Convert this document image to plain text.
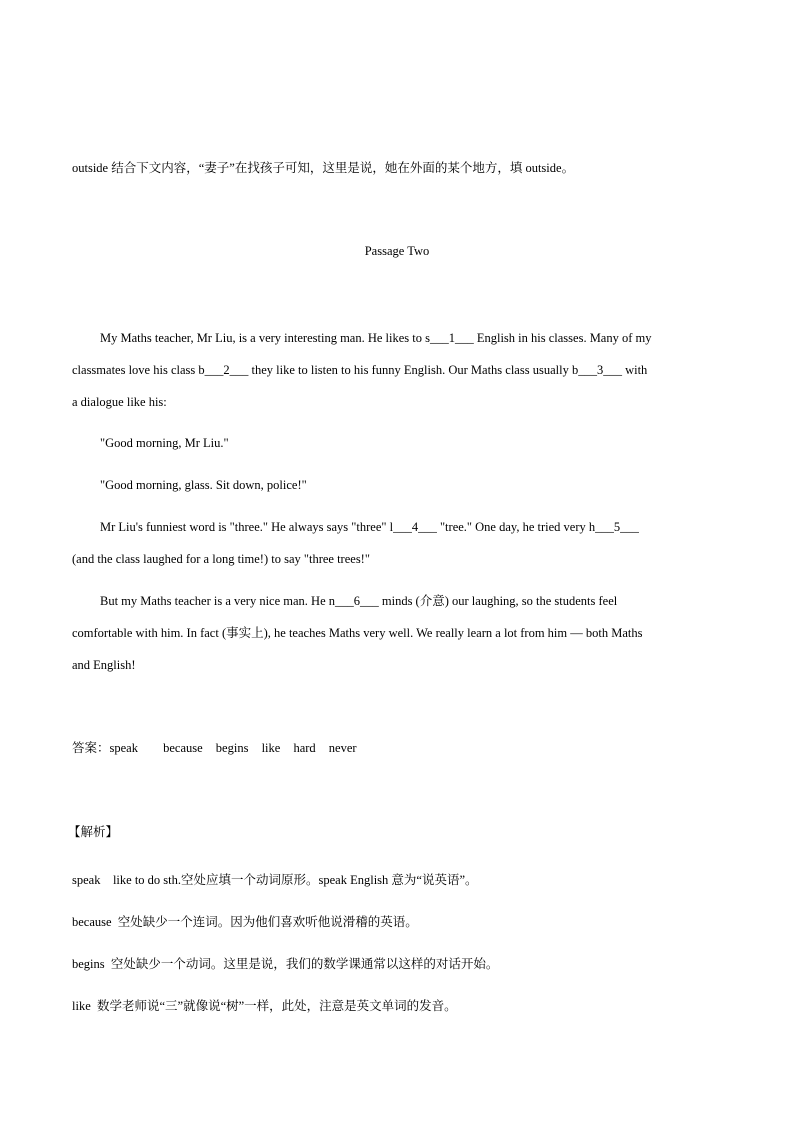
outside 结合下文内容，“妻子”在找孩子可知，这里是说，她在外面的某个地方，填 outside。
Passage Two
My Maths teacher, Mr Liu, is a very interesting man. He likes to s___1___ English in his classes. Many of my
classmates love his class b___2___ they like to listen to his funny English. Our Maths class usually b___3___ with
a dialogue like his:
"Good morning, Mr Liu."
"Good morning, glass. Sit down, police!"
Mr Liu's funniest word is "three." He always says "three" l___4___ "tree." One day, he tried very h___5___
(and the class laughed for a long time!) to say "three trees!"
But my Maths teacher is a very nice man. He n___6___ minds (介意) our laughing, so the students feel
comfortable with him. In fact (事实上), he teaches Maths very well. We really learn a lot from him — both Maths
and English!
答案：speak because begins like hard never
【解析】
speak    like to do sth.空处应填一个动词原形。speak English 意为“说英语”。
because  空处缺少一个连词。因为他们喜欢听他说滑稽的英语。
begins  空处缺少一个动词。这里是说，我们的数学课通常以这样的对话开始。
like  数学老师说“三”就像说“树”一样，此处，注意是英文单词的发音。
